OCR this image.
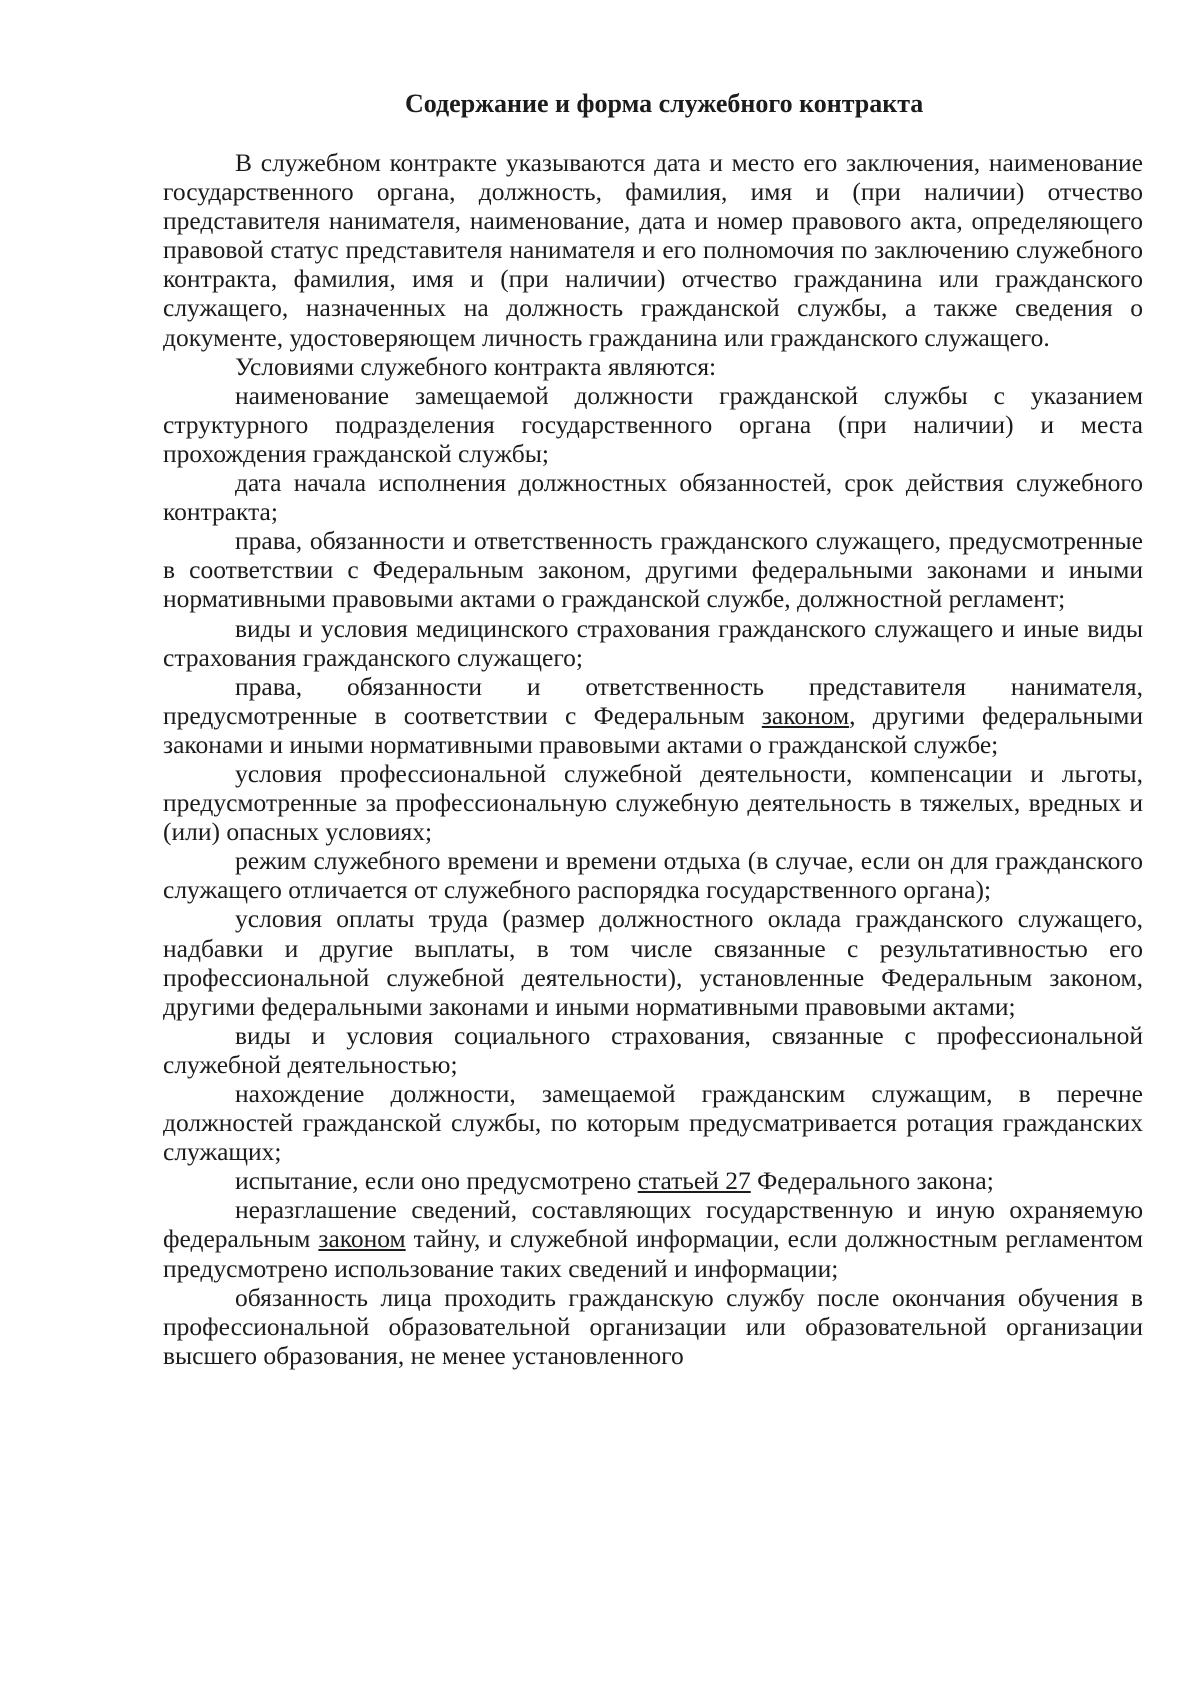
Содержание и форма служебного контракта

В служебном контракте указываются дата и место его заключения, наименование государственного органа, должность, фамилия, имя и (при наличии) отчество представителя нанимателя, наименование, дата и номер правового акта, определяющего правовой статус представителя нанимателя и его полномочия по заключению служебного контракта, фамилия, имя и (при наличии) отчество гражданина или гражданского служащего, назначенных на должность гражданской службы, а также сведения о документе, удостоверяющем личность гражданина или гражданского служащего.

Условиями служебного контракта являются:

наименование замещаемой должности гражданской службы с указанием структурного подразделения государственного органа (при наличии) и места прохождения гражданской службы;

дата начала исполнения должностных обязанностей, срок действия служебного контракта;

права, обязанности и ответственность гражданского служащего, предусмотренные в соответствии с Федеральным законом, другими федеральными законами и иными нормативными правовыми актами о гражданской службе, должностной регламент;

виды и условия медицинского страхования гражданского служащего и иные виды страхования гражданского служащего;

права, обязанности и ответственность представителя нанимателя, предусмотренные в соответствии с Федеральным законом, другими федеральными законами и иными нормативными правовыми актами о гражданской службе;

условия профессиональной служебной деятельности, компенсации и льготы, предусмотренные за профессиональную служебную деятельность в тяжелых, вредных и (или) опасных условиях;

режим служебного времени и времени отдыха (в случае, если он для гражданского служащего отличается от служебного распорядка государственного органа);

условия оплаты труда (размер должностного оклада гражданского служащего, надбавки и другие выплаты, в том числе связанные с результативностью его профессиональной служебной деятельности), установленные Федеральным законом, другими федеральными законами и иными нормативными правовыми актами;

виды и условия социального страхования, связанные с профессиональной служебной деятельностью;

нахождение должности, замещаемой гражданским служащим, в перечне должностей гражданской службы, по которым предусматривается ротация гражданских служащих;

испытание, если оно предусмотрено статьей 27 Федерального закона;

неразглашение сведений, составляющих государственную и иную охраняемую федеральным законом тайну, и служебной информации, если должностным регламентом предусмотрено использование таких сведений и информации;

обязанность лица проходить гражданскую службу после окончания обучения в профессиональной образовательной организации или образовательной организации высшего образования, не менее установленного
